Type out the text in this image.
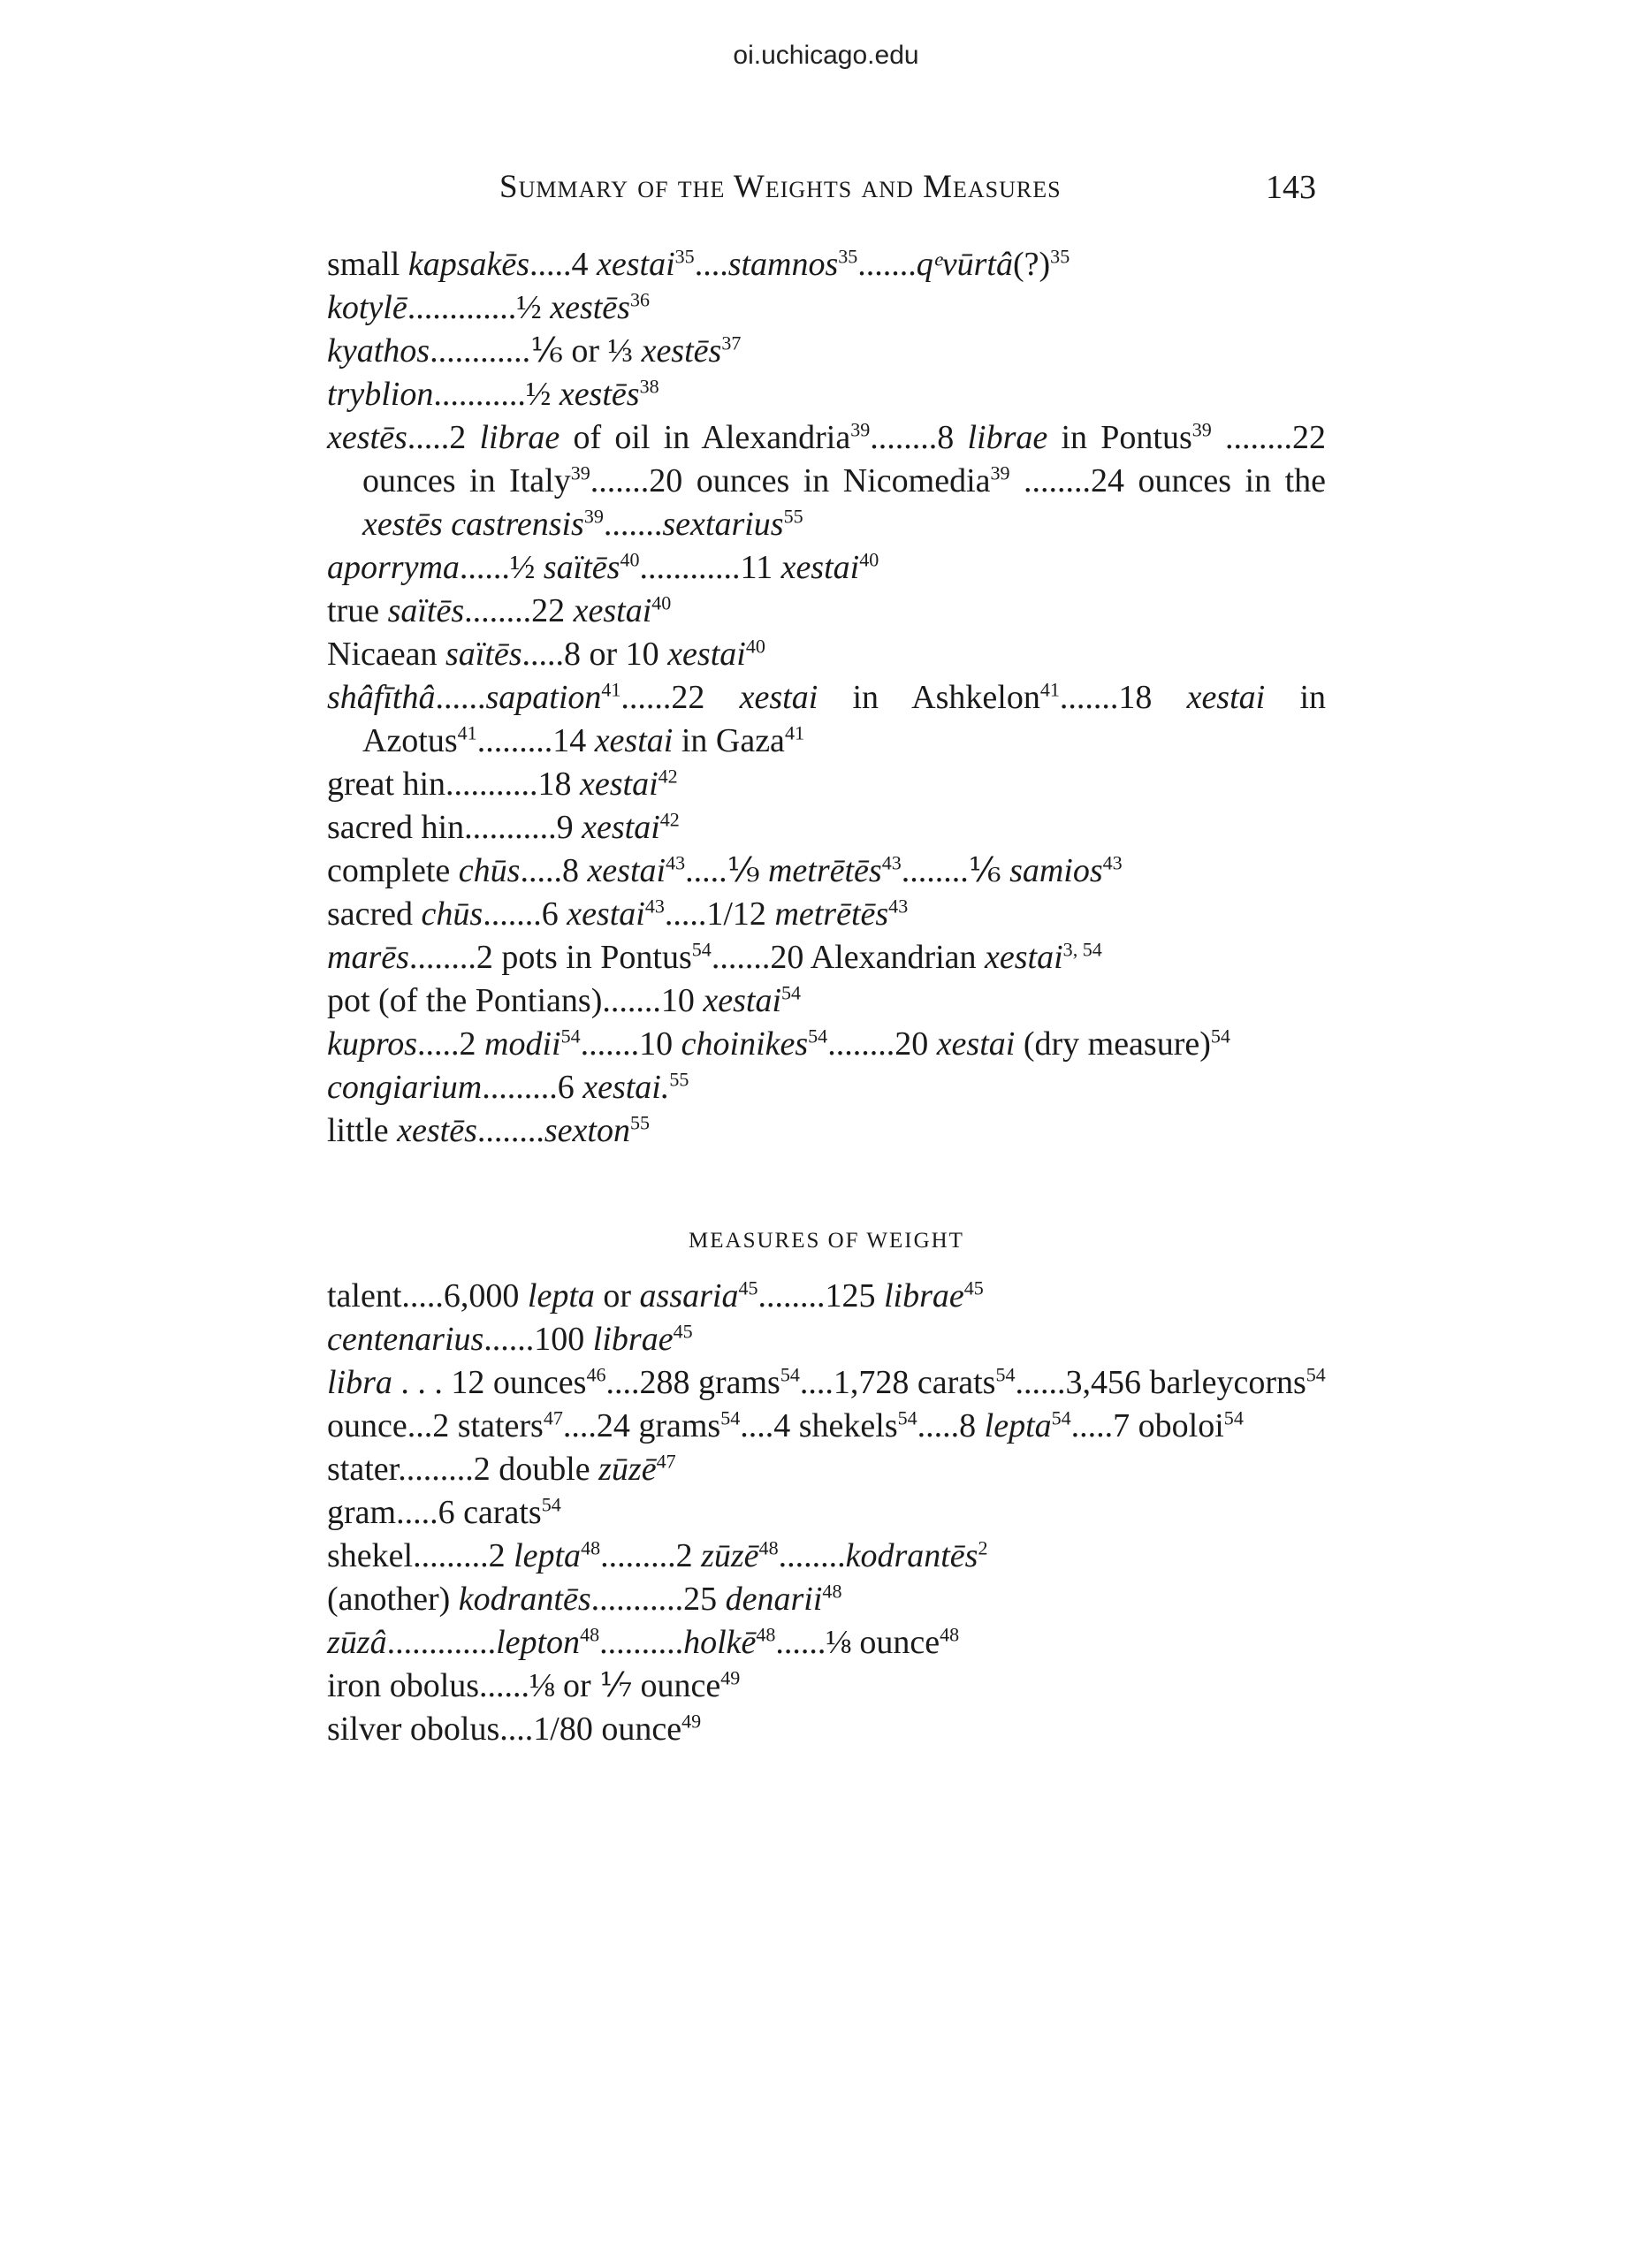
oi.uchicago.edu
Summary of the Weights and Measures	143
small kapsakēs.....4 xestai$^{35}$....stamnos$^{35}$.......qᵉvūrtâ(?)$^{35}$
kotylē.............½ xestēs$^{36}$
kyathos............⅙ or ⅓ xestēs$^{37}$
tryblion...........½ xestēs$^{38}$
xestēs.....2 librae of oil in Alexandria$^{39}$........8 librae in Pontus$^{39}$ ........22 ounces in Italy$^{39}$.......20 ounces in Nicomedia$^{39}$ ........24 ounces in the xestēs castrensis$^{39}$.......sextarius$^{55}$
aporryma......½ saïtēs$^{40}$............11 xestai$^{40}$
true saïtēs........22 xestai$^{40}$
Nicaean saïtēs.....8 or 10 xestai$^{40}$
shâfīthâ......sapation$^{41}$......22 xestai in Ashkelon$^{41}$.......18 xestai in Azotus$^{41}$.........14 xestai in Gaza$^{41}$
great hin...........18 xestai$^{42}$
sacred hin...........9 xestai$^{42}$
complete chūs.....8 xestai$^{43}$.....⅑ metrētēs$^{43}$........⅙ samios$^{43}$
sacred chūs.......6 xestai$^{43}$.....1/12 metrētēs$^{43}$
marēs........2 pots in Pontus$^{54}$.......20 Alexandrian xestai$^{3, 54}$
pot (of the Pontians).......10 xestai$^{54}$
kupros.....2 modii$^{54}$.......10 choinikes$^{54}$........20 xestai (dry measure)$^{54}$
congiarium.........6 xestai.$^{55}$
little xestēs........sexton$^{55}$
MEASURES OF WEIGHT
talent.....6,000 lepta or assaria$^{45}$........125 librae$^{45}$
centenarius......100 librae$^{45}$
libra . . . 12 ounces$^{46}$....288 grams$^{54}$....1,728 carats$^{54}$......3,456 barleycorns$^{54}$
ounce...2 staters$^{47}$....24 grams$^{54}$....4 shekels$^{54}$.....8 lepta$^{54}$.....7 oboloi$^{54}$
stater.........2 double zūzē$^{47}$
gram.....6 carats$^{54}$
shekel.........2 lepta$^{48}$.........2 zūzē$^{48}$........kodrantēs$^2$
(another) kodrantēs...........25 denarii$^{48}$
zūzâ.............lepton$^{48}$..........holkē$^{48}$......⅛ ounce$^{48}$
iron obolus......⅛ or ⅐ ounce$^{49}$
silver obolus....1/80 ounce$^{49}$
